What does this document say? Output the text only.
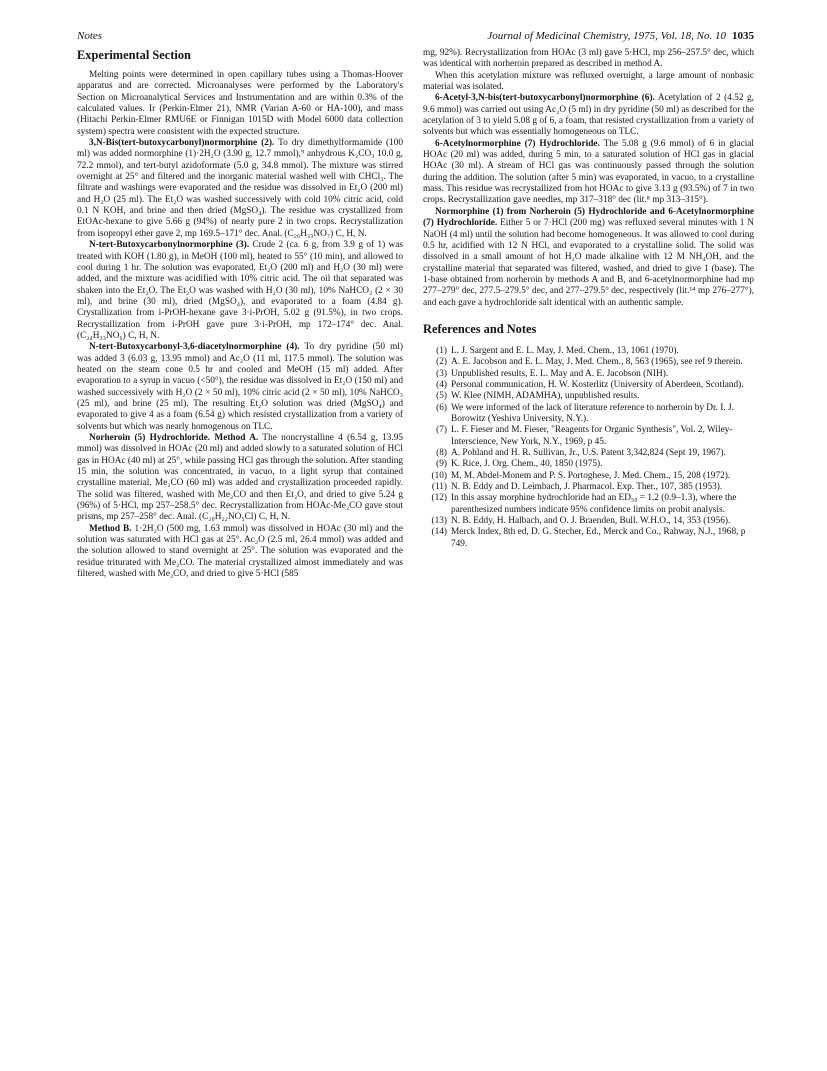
Notes	Journal of Medicinal Chemistry, 1975, Vol. 18, No. 10 1035
Experimental Section

Melting points were determined in open capillary tubes using a Thomas-Hoover apparatus and are corrected. Microanalyses were performed by the Laboratory's Section on Microanalytical Services and Instrumentation and are within 0.3% of the calculated values. Ir (Perkin-Elmer 21), NMR (Varian A-60 or HA-100), and mass (Hitachi Perkin-Elmer RMU6E or Finnigan 1015D with Model 6000 data collection system) spectra were consistent with the expected structure.

3,N-Bis(tert-butoxycarbonyl)normorphine (2). To dry dimethylformamide (100 ml) was added normorphine (1)·2H₂O (3.90 g, 12.7 mmol),⁹ anhydrous K₂CO₃ 10.0 g, 72.2 mmol), and tert-butyl azidoformate (5.0 g, 34.8 mmol). The mixture was stirred overnight at 25° and filtered and the inorganic material washed well with CHCl₃. The filtrate and washings were evaporated and the residue was dissolved in Et₂O (200 ml) and H₂O (25 ml). The Et₂O was washed successively with cold 10% citric acid, cold 0.1 N KOH, and brine and then dried (MgSO₄). The residue was crystallized from EtOAc-hexane to give 5.66 g (94%) of nearly pure 2 in two crops. Recrystallization from isopropyl ether gave 2, mp 169.5–171° dec. Anal. (C₂₆H₃₃NO₇) C, H, N.

N-tert-Butoxycarbonylnormorphine (3). Crude 2 (ca. 6 g, from 3.9 g of 1) was treated with KOH (1.80 g), in MeOH (100 ml), heated to 55° (10 min), and allowed to cool during 1 hr. The solution was evaporated, Et₂O (200 ml) and H₂O (30 ml) were added, and the mixture was acidified with 10% citric acid. The oil that separated was shaken into the Et₂O. The Et₂O was washed with H₂O (30 ml), 10% NaHCO₃ (2 × 30 ml), and brine (30 ml), dried (MgSO₄), and evaporated to a foam (4.84 g). Crystallization from i-PrOH-hexane gave 3·i-PrOH, 5.02 g (91.5%), in two crops. Recrystallization from i-PrOH gave pure 3·i-PrOH, mp 172–174° dec. Anal. (C₂₄H₃₃NO₆) C, H, N.

N-tert-Butoxycarbonyl-3,6-diacetylnormorphine (4). To dry pyridine (50 ml) was added 3 (6.03 g, 13.95 mmol) and Ac₂O (11 ml, 117.5 mmol). The solution was heated on the steam cone 0.5 hr and cooled and MeOH (15 ml) added. After evaporation to a syrup in vacuo (<50°), the residue was dissolved in Et₂O (150 ml) and washed successively with H₂O (2 × 50 ml), 10% citric acid (2 × 50 ml), 10% NaHCO₃ (25 ml), and brine (25 ml). The resulting Et₂O solution was dried (MgSO₄) and evaporated to give 4 as a foam (6.54 g) which resisted crystallization from a variety of solvents but which was nearly homogenous on TLC.

Norheroin (5) Hydrochloride. Method A. The noncrystalline 4 (6.54 g, 13.95 mmol) was dissolved in HOAc (20 ml) and added slowly to a saturated solution of HCl gas in HOAc (40 ml) at 25°, while passing HCl gas through the solution. After standing 15 min, the solution was concentrated, in vacuo, to a light syrup that contained crystalline material. Me₂CO (60 ml) was added and crystallization proceeded rapidly. The solid was filtered, washed with Me₂CO and then Et₂O, and dried to give 5.24 g (96%) of 5·HCl, mp 257–258.5° dec. Recrystallization from HOAc-Me₂CO gave stout prisms, mp 257–258° dec. Anal. (C₂₀H₂₂NO₅Cl) C, H, N.

Method B. 1·2H₂O (500 mg, 1.63 mmol) was dissolved in HOAc (30 ml) and the solution was saturated with HCl gas at 25°. Ac₂O (2.5 ml, 26.4 mmol) was added and the solution allowed to stand overnight at 25°. The solution was evaporated and the residue triturated with Me₂CO. The material crystallized almost immediately and was filtered, washed with Me₂CO, and dried to give 5·HCl (585

mg, 92%). Recrystallization from HOAc (3 ml) gave 5·HCl, mp 256–257.5° dec, which was identical with norheroin prepared as described in method A.

When this acetylation mixture was refluxed overnight, a large amount of nonbasic material was isolated.

6-Acetyl-3,N-bis(tert-butoxycarbonyl)normorphine (6). Acetylation of 2 (4.52 g, 9.6 mmol) was carried out using Ac₂O (5 ml) in dry pyridine (50 ml) as described for the acetylation of 3 to yield 5.08 g of 6, a foam, that resisted crystallization from a variety of solvents but which was essentially homogeneous on TLC.

6-Acetylnormorphine (7) Hydrochloride. The 5.08 g (9.6 mmol) of 6 in glacial HOAc (20 ml) was added, during 5 min, to a saturated solution of HCl gas in glacial HOAc (30 ml). A stream of HCl gas was continuously passed through the solution during the addition. The solution (after 5 min) was evaporated, in vacuo, to a crystalline mass. This residue was recrystallized from hot HOAc to give 3.13 g (93.5%) of 7 in two crops. Recrystallization gave needles, mp 317–318° dec (lit.⁸ mp 313–315°).

Normorphine (1) from Norheroin (5) Hydrochloride and 6-Acetylnormorphine (7) Hydrochloride. Either 5 or 7·HCl (200 mg) was refluxed several minutes with 1 N NaOH (4 ml) until the solution had become homogeneous. It was allowed to cool during 0.5 hr, acidified with 12 N HCl, and evaporated to a crystalline solid. The solid was dissolved in a small amount of hot H₂O made alkaline with 12 M NH₄OH, and the crystalline material that separated was filtered, washed, and dried to give 1 (base). The 1-base obtained from norheroin by methods A and B, and 6-acetylnormorphine had mp 277–279° dec, 277.5–279.5° dec, and 277–279.5° dec, respectively (lit.¹⁴ mp 276–277°), and each gave a hydrochloride salt identical with an authentic sample.

References and Notes
(1) L. J. Sargent and E. L. May, J. Med. Chem., 13, 1061 (1970).
(2) A. E. Jacobson and E. L. May, J. Med. Chem., 8, 563 (1965), see ref 9 therein.
(3) Unpublished results, E. L. May and A. E. Jacobson (NIH).
(4) Personal communication, H. W. Kosterlitz (University of Aberdeen, Scotland).
(5) W. Klee (NIMH, ADAMHA), unpublished results.
(6) We were informed of the lack of literature reference to norheroin by Dr. I. J. Borowitz (Yeshiva University, N.Y.).
(7) L. F. Fieser and M. Fieser, "Reagents for Organic Synthesis", Vol. 2, Wiley-Interscience, New York, N.Y., 1969, p 45.
(8) A. Pohland and H. R. Sullivan, Jr., U.S. Patent 3,342,824 (Sept 19, 1967).
(9) K. Rice, J. Org. Chem., 40, 1850 (1975).
(10) M. M. Abdel-Monem and P. S. Portoghese, J. Med. Chem., 15, 208 (1972).
(11) N. B. Eddy and D. Leimbach, J. Pharmacol. Exp. Ther., 107, 385 (1953).
(12) In this assay morphine hydrochloride had an ED₅₀ = 1.2 (0.9–1.3), where the parenthesized numbers indicate 95% confidence limits on probit analysis.
(13) N. B. Eddy, H. Halbach, and O. J. Braenden, Bull. W.H.O., 14, 353 (1956).
(14) Merck Index, 8th ed, D. G. Stecher, Ed., Merck and Co., Rahway, N.J., 1968, p 749.
